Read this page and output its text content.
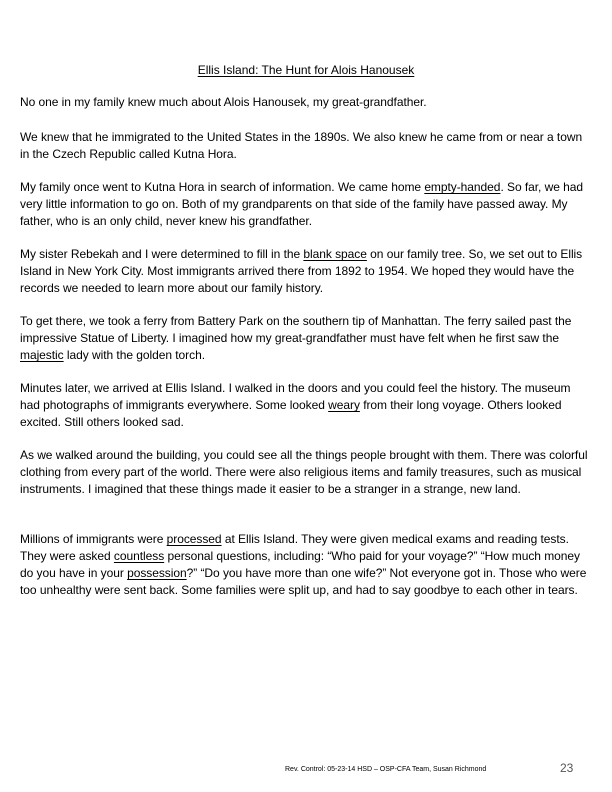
Ellis Island: The Hunt for Alois Hanousek

No one in my family knew much about Alois Hanousek, my great-grandfather.

We knew that he immigrated to the United States in the 1890s. We also knew he came from or near a town in the Czech Republic called Kutna Hora.

My family once went to Kutna Hora in search of information. We came home empty-handed. So far, we had very little information to go on. Both of my grandparents on that side of the family have passed away. My father, who is an only child, never knew his grandfather.

My sister Rebekah and I were determined to fill in the blank space on our family tree. So, we set out to Ellis Island in New York City. Most immigrants arrived there from 1892 to 1954. We hoped they would have the records we needed to learn more about our family history.

To get there, we took a ferry from Battery Park on the southern tip of Manhattan. The ferry sailed past the impressive Statue of Liberty. I imagined how my great-grandfather must have felt when he first saw the majestic lady with the golden torch.

Minutes later, we arrived at Ellis Island. I walked in the doors and you could feel the history. The museum had photographs of immigrants everywhere. Some looked weary from their long voyage. Others looked excited. Still others looked sad.

As we walked around the building, you could see all the things people brought with them. There was colorful clothing from every part of the world. There were also religious items and family treasures, such as musical instruments. I imagined that these things made it easier to be a stranger in a strange, new land.

Millions of immigrants were processed at Ellis Island. They were given medical exams and reading tests. They were asked countless personal questions, including: “Who paid for your voyage?” “How much money do you have in your possession?” “Do you have more than one wife?” Not everyone got in. Those who were too unhealthy were sent back. Some families were split up, and had to say goodbye to each other in tears.

Rev. Control: 05-23-14 HSD – OSP-CFA Team, Susan Richmond	23
